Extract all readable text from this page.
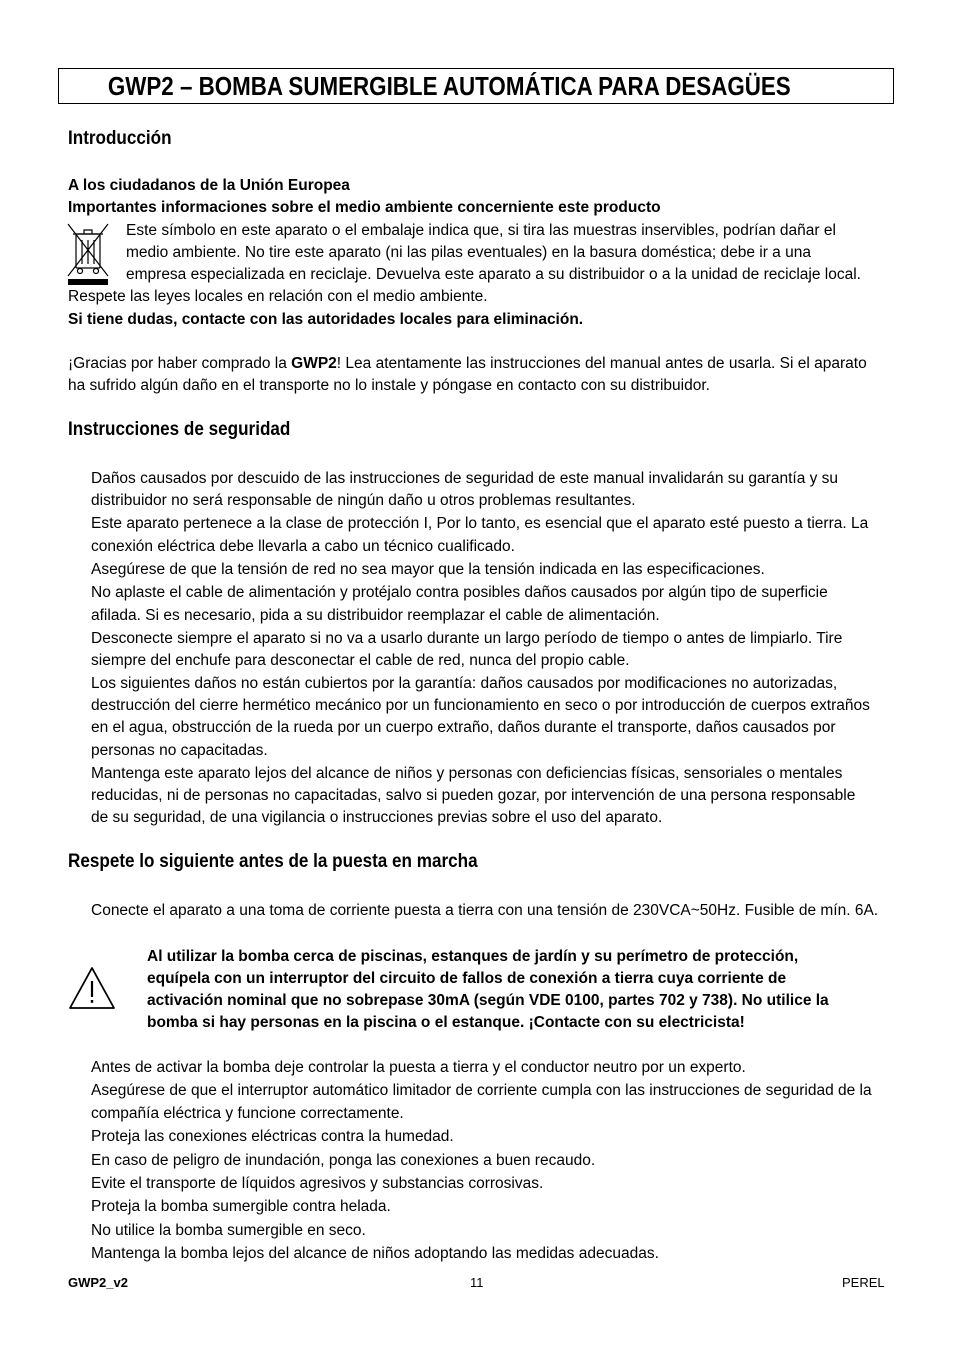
GWP2 – BOMBA SUMERGIBLE AUTOMÁTICA PARA DESAGÜES
Introducción

A los ciudadanos de la Unión Europea

Importantes informaciones sobre el medio ambiente concerniente este producto

Este símbolo en este aparato o el embalaje indica que, si tira las muestras inservibles, podrían dañar el

medio ambiente. No tire este aparato (ni las pilas eventuales) en la basura doméstica; debe ir a una

empresa especializada en reciclaje. Devuelva este aparato a su distribuidor o a la unidad de reciclaje local.

Respete las leyes locales en relación con el medio ambiente.

Si tiene dudas, contacte con las autoridades locales para eliminación.

¡Gracias por haber comprado la GWP2! Lea atentamente las instrucciones del manual antes de usarla. Si el aparato

ha sufrido algún daño en el transporte no lo instale y póngase en contacto con su distribuidor.

Instrucciones de seguridad

Daños causados por descuido de las instrucciones de seguridad de este manual invalidarán su garantía y su

distribuidor no será responsable de ningún daño u otros problemas resultantes.

Este aparato pertenece a la clase de protección I, Por lo tanto, es esencial que el aparato esté puesto a tierra. La

conexión eléctrica debe llevarla a cabo un técnico cualificado.

Asegúrese de que la tensión de red no sea mayor que la tensión indicada en las especificaciones.

No aplaste el cable de alimentación y protéjalo contra posibles daños causados por algún tipo de superficie

afilada. Si es necesario, pida a su distribuidor reemplazar el cable de alimentación.

Desconecte siempre el aparato si no va a usarlo durante un largo período de tiempo o antes de limpiarlo. Tire

siempre del enchufe para desconectar el cable de red, nunca del propio cable.

Los siguientes daños no están cubiertos por la garantía: daños causados por modificaciones no autorizadas,

destrucción del cierre hermético mecánico por un funcionamiento en seco o por introducción de cuerpos extraños

en el agua, obstrucción de la rueda por un cuerpo extraño, daños durante el transporte, daños causados por

personas no capacitadas.

Mantenga este aparato lejos del alcance de niños y personas con deficiencias físicas, sensoriales o mentales

reducidas, ni de personas no capacitadas, salvo si pueden gozar, por intervención de una persona responsable

de su seguridad, de una vigilancia o instrucciones previas sobre el uso del aparato.

Respete lo siguiente antes de la puesta en marcha

Conecte el aparato a una toma de corriente puesta a tierra con una tensión de 230VCA~50Hz. Fusible de mín. 6A.

Al utilizar la bomba cerca de piscinas, estanques de jardín y su perímetro de protección,

equípela con un interruptor del circuito de fallos de conexión a tierra cuya corriente de

activación nominal que no sobrepase 30mA (según VDE 0100, partes 702 y 738). No utilice la

bomba si hay personas en la piscina o el estanque. ¡Contacte con su electricista!

Antes de activar la bomba deje controlar la puesta a tierra y el conductor neutro por un experto.

Asegúrese de que el interruptor automático limitador de corriente cumpla con las instrucciones de seguridad de la

compañía eléctrica y funcione correctamente.

Proteja las conexiones eléctricas contra la humedad.

En caso de peligro de inundación, ponga las conexiones a buen recaudo.

Evite el transporte de líquidos agresivos y substancias corrosivas.

Proteja la bomba sumergible contra helada.

No utilice la bomba sumergible en seco.

Mantenga la bomba lejos del alcance de niños adoptando las medidas adecuadas.

GWP2_v2	11	PEREL
